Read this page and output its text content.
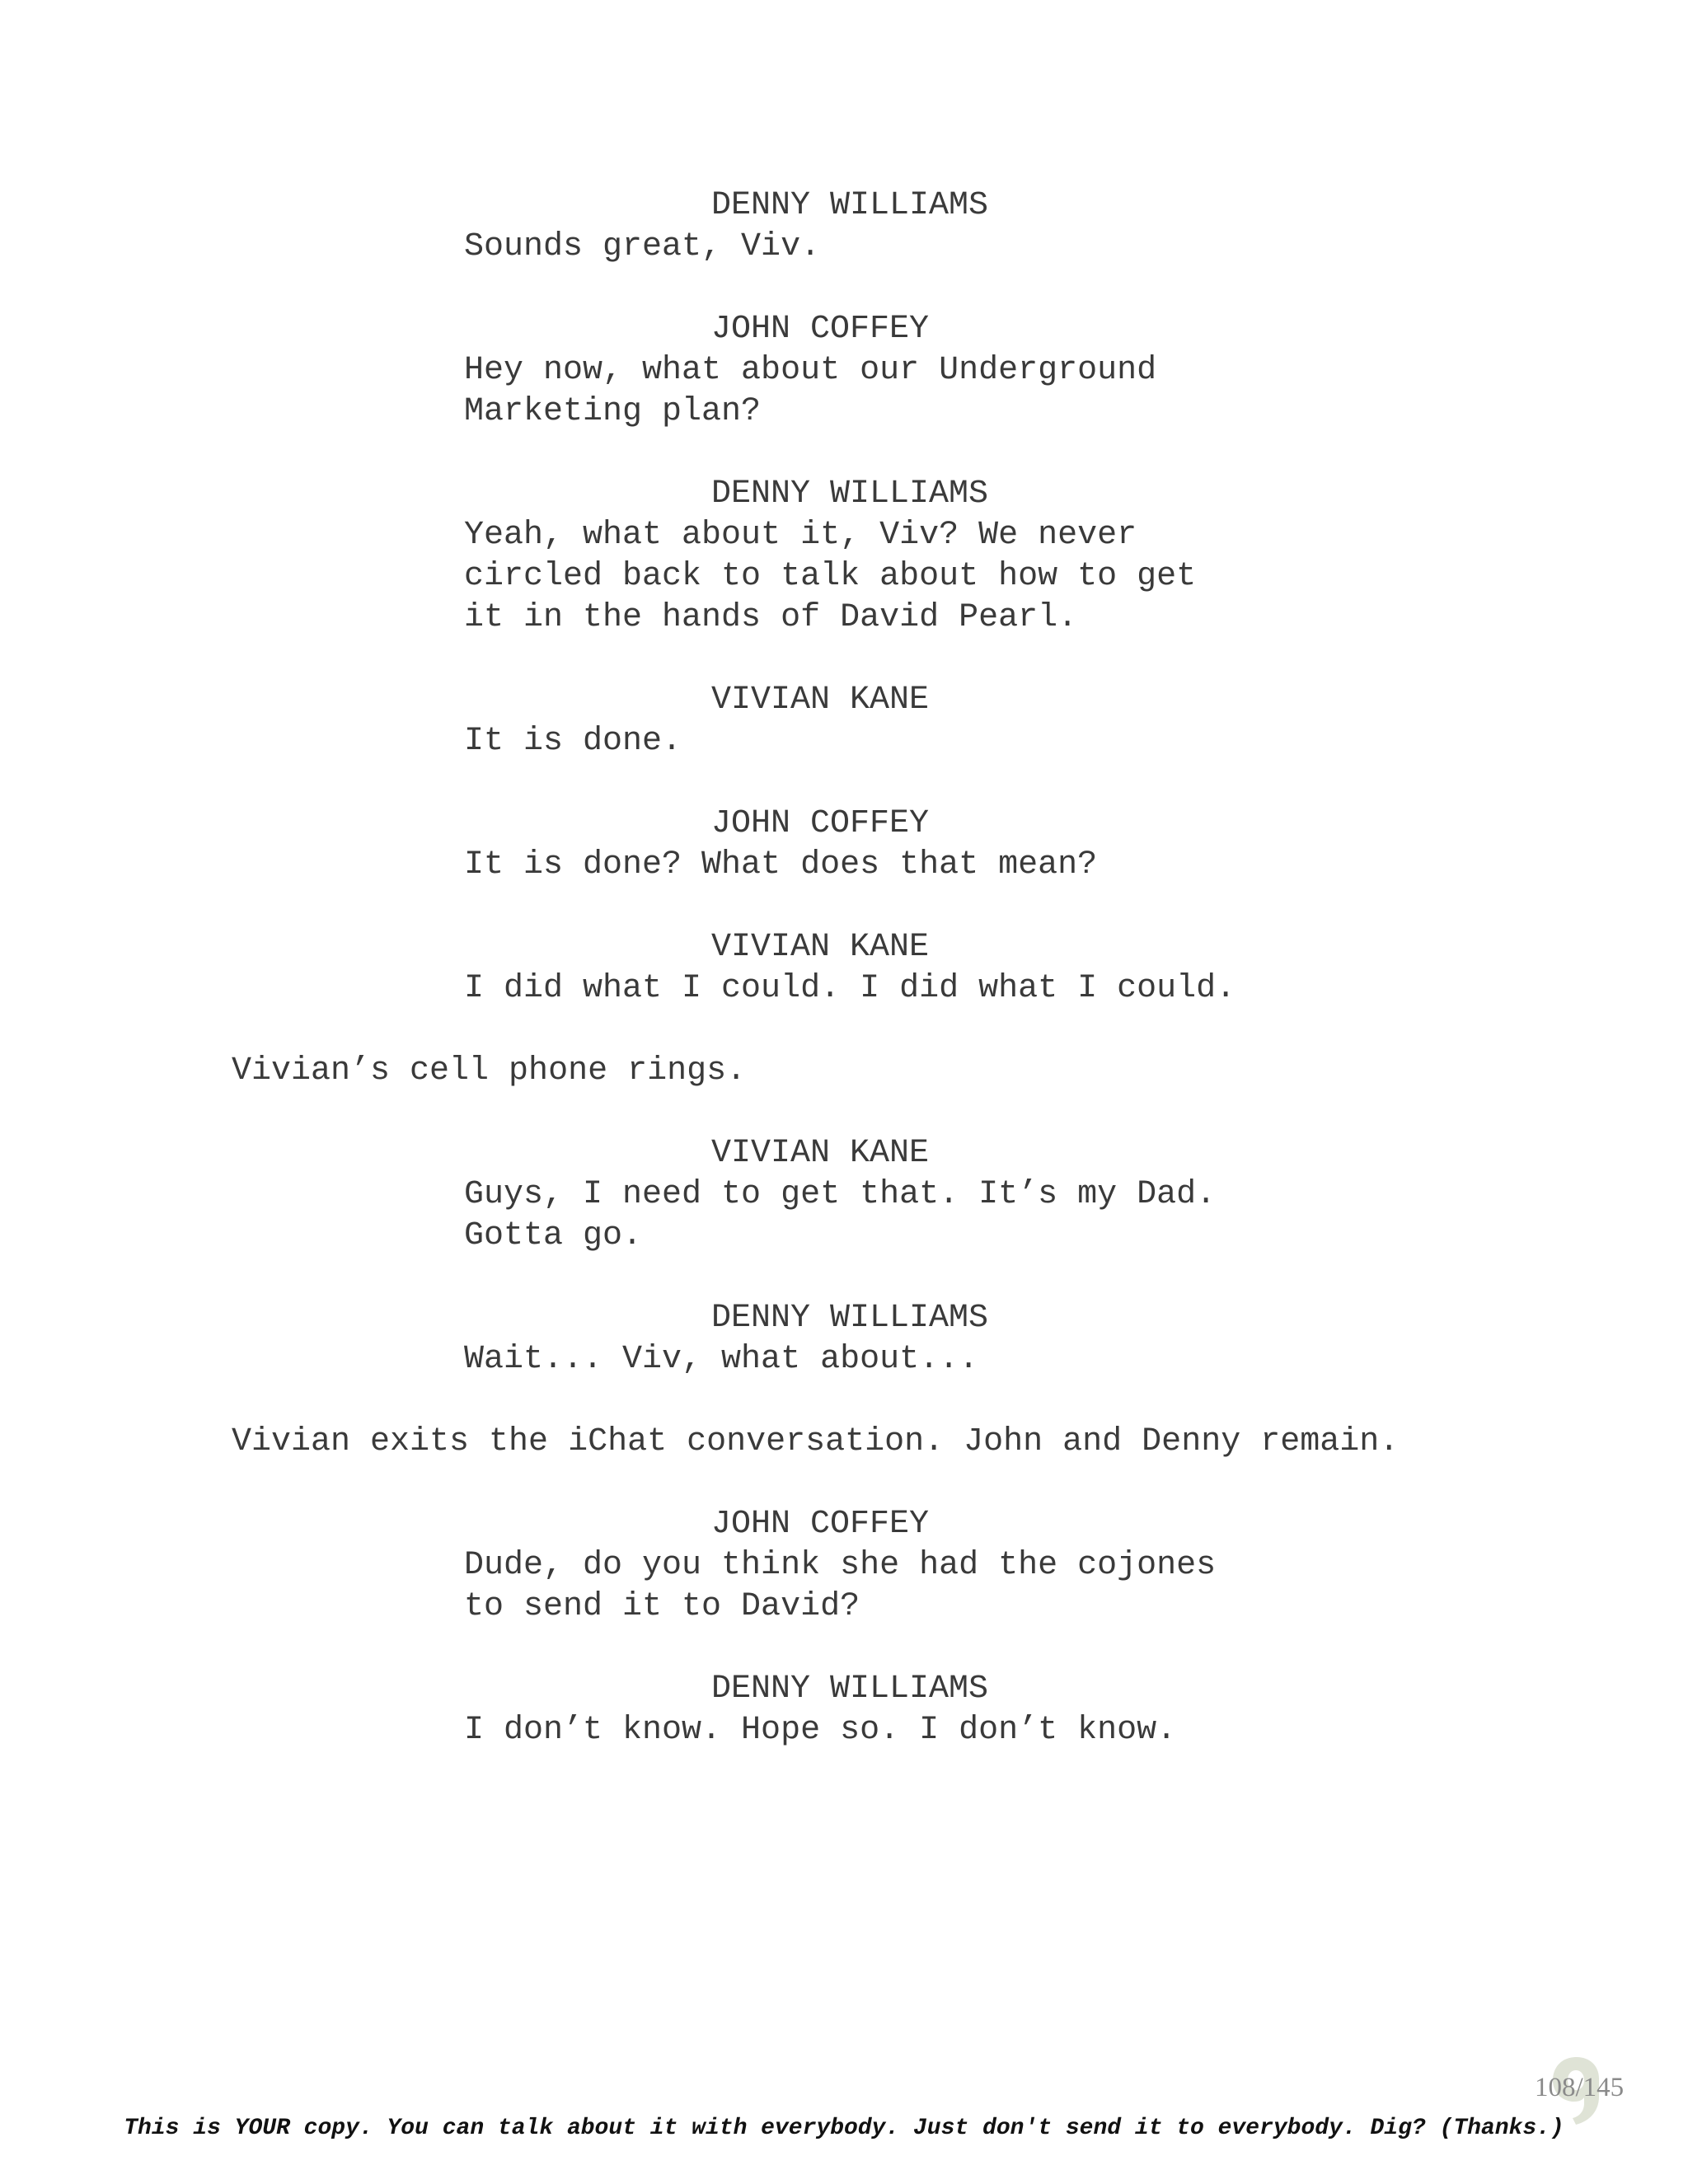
DENNY WILLIAMS
Sounds great, Viv.
JOHN COFFEY
Hey now, what about our Underground
Marketing plan?
DENNY WILLIAMS
Yeah, what about it, Viv? We never
circled back to talk about how to get
it in the hands of David Pearl.
VIVIAN KANE
It is done.
JOHN COFFEY
It is done? What does that mean?
VIVIAN KANE
I did what I could. I did what I could.
Vivian’s cell phone rings.
VIVIAN KANE
Guys, I need to get that. It’s my Dad.
Gotta go.
DENNY WILLIAMS
Wait... Viv, what about...
Vivian exits the iChat conversation. John and Denny remain.
JOHN COFFEY
Dude, do you think she had the cojones
to send it to David?
DENNY WILLIAMS
I don’t know. Hope so. I don’t know.
108/145
This is YOUR copy. You can talk about it with everybody. Just don't send it to everybody. Dig? (Thanks.)
